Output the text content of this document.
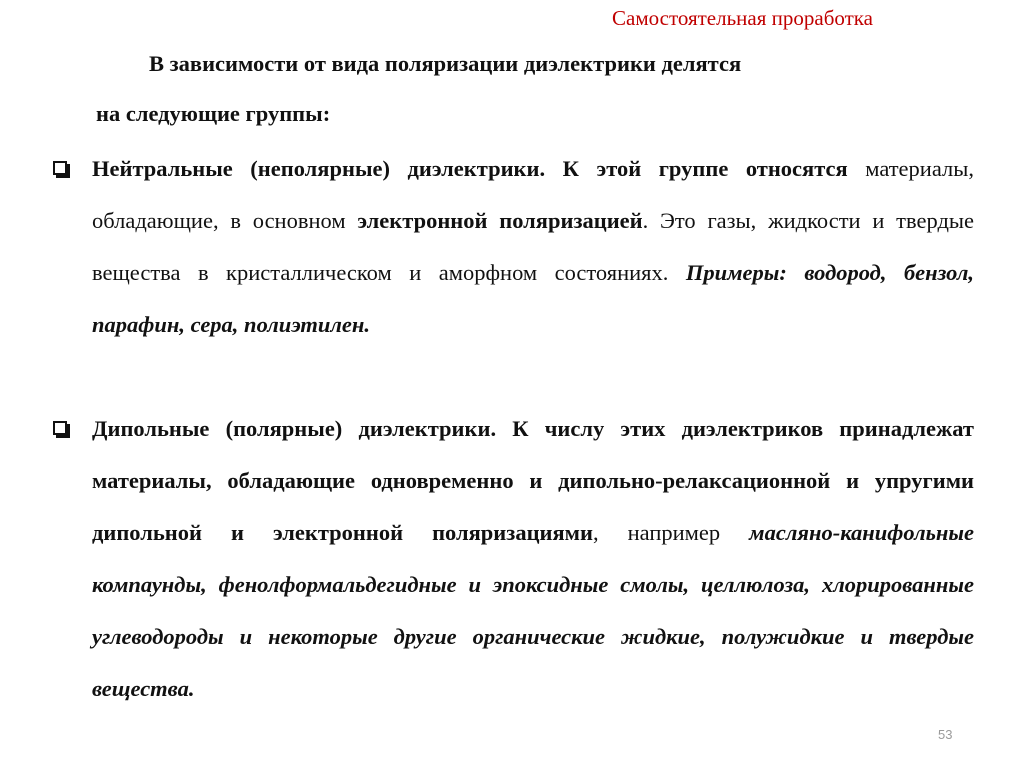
Самостоятельная проработка
В зависимости от вида поляризации диэлектрики делятся
на следующие группы:
Нейтральные (неполярные) диэлектрики. К этой группе относятся материалы, обладающие, в основном электронной поляризацией. Это газы, жидкости и твердые вещества в кристаллическом и аморфном состояниях. Примеры: водород, бензол, парафин, сера, полиэтилен.
Дипольные (полярные) диэлектрики. К числу этих диэлектриков принадлежат материалы, обладающие одновременно и дипольно-релаксационной и упругими дипольной и электронной поляризациями, например масляно-канифольные компаунды, фенолформальдегидные и эпоксидные смолы, целлюлоза, хлорированные углеводороды и некоторые другие органические жидкие, полужидкие и твердые вещества.
53
